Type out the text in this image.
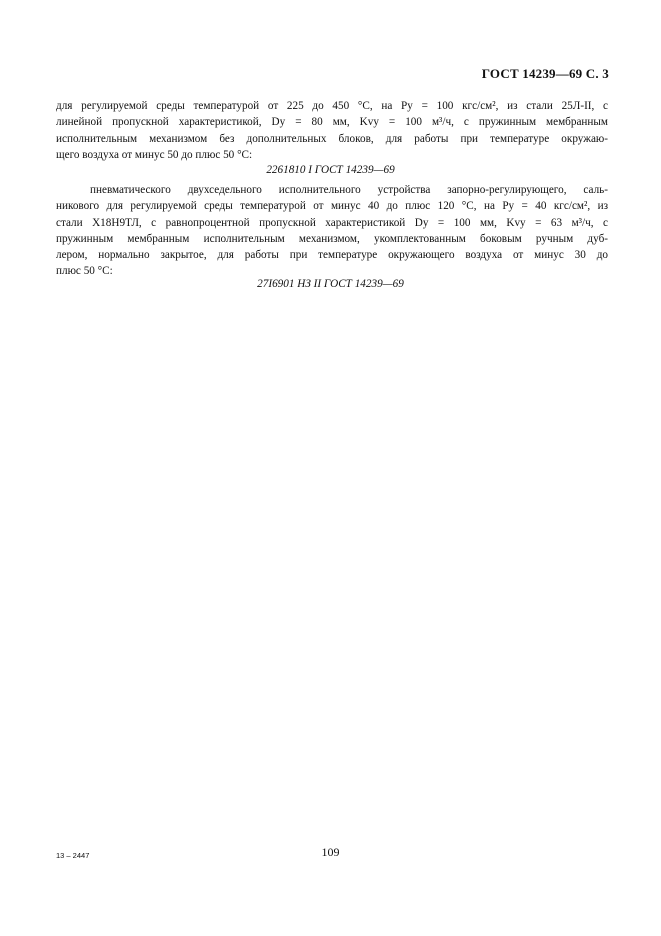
ГОСТ 14239—69 С. 3
для регулируемой среды температурой от 225 до 450 °С, на Pу = 100 кгс/см², из стали 25Л-II, с
линейной пропускной характеристикой, Dу = 80 мм, Kvу = 100 м³/ч, с пружинным мембранным
исполнительным механизмом без дополнительных блоков, для работы при температуре окружаю-
щего воздуха от минус 50 до плюс 50 °С:
2261810 I ГОСТ 14239—69
пневматического двухседельного исполнительного устройства запорно-регулирующего, саль-
никового для регулируемой среды температурой от минус 40 до плюс 120 °С, на Pу = 40 кгс/см², из
стали Х18Н9ТЛ, с равнопроцентной пропускной характеристикой Dу = 100 мм, Kvу = 63 м³/ч, с
пружинным мембранным исполнительным механизмом, укомплектованным боковым ручным дуб-
лером, нормально закрытое, для работы при температуре окружающего воздуха от минус 30 до
плюс 50 °С:
27I6901 НЗ II ГОСТ 14239—69
13 – 2447	109
